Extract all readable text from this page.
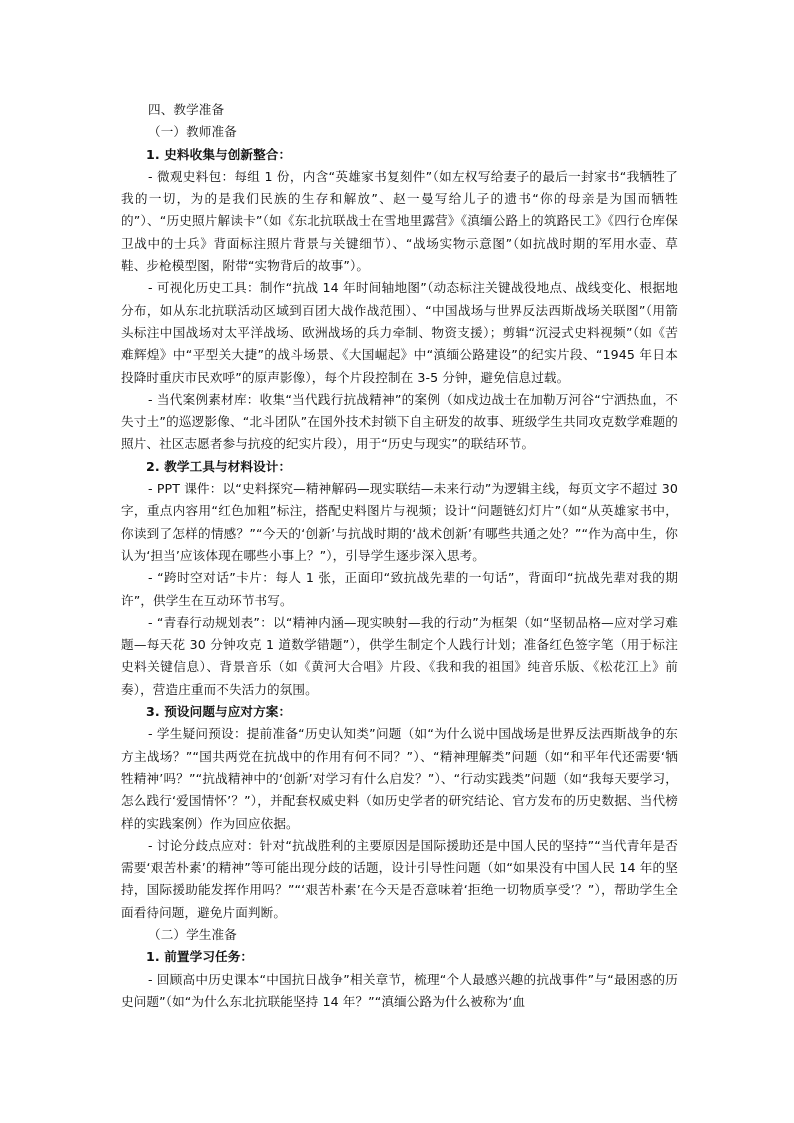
四、教学准备

（一）教师准备

1. 史料收集与创新整合：

- 微观史料包：每组 1 份，内含“英雄家书复刻件”（如左权写给妻子的最后一封家书“我牺牲了我的一切，为的是我们民族的生存和解放”、赵一曼写给儿子的遗书“你的母亲是为国而牺牲的”）、“历史照片解读卡”（如《东北抗联战士在雪地里露营》《滇缅公路上的筑路民工》《四行仓库保卫战中的士兵》背面标注照片背景与关键细节）、“战场实物示意图”（如抗战时期的军用水壶、草鞋、步枪模型图，附带“实物背后的故事”）。

- 可视化历史工具：制作“抗战 14 年时间轴地图”（动态标注关键战役地点、战线变化、根据地分布，如从东北抗联活动区域到百团大战作战范围）、“中国战场与世界反法西斯战场关联图”（用箭头标注中国战场对太平洋战场、欧洲战场的兵力牵制、物资支援）；剪辑“沉浸式史料视频”（如《苦难辉煌》中“平型关大捷”的战斗场景、《大国崛起》中“滇缅公路建设”的纪实片段、“1945 年日本投降时重庆市民欢呼”的原声影像），每个片段控制在 3-5 分钟，避免信息过载。

- 当代案例素材库：收集“当代践行抗战精神”的案例（如戍边战士在加勒万河谷“宁洒热血，不失寸土”的巡逻影像、“北斗团队”在国外技术封锁下自主研发的故事、班级学生共同攻克数学难题的照片、社区志愿者参与抗疫的纪实片段），用于“历史与现实”的联结环节。

2. 教学工具与材料设计：

- PPT 课件：以“史料探究—精神解码—现实联结—未来行动”为逻辑主线，每页文字不超过 30 字，重点内容用“红色加粗”标注，搭配史料图片与视频；设计“问题链幻灯片”（如“从英雄家书中，你读到了怎样的情感？”“今天的‘创新’与抗战时期的‘战术创新’有哪些共通之处？”“作为高中生，你认为‘担当’应该体现在哪些小事上？”），引导学生逐步深入思考。

- “跨时空对话”卡片：每人 1 张，正面印“致抗战先辈的一句话”，背面印“抗战先辈对我的期许”，供学生在互动环节书写。

- “青春行动规划表”：以“精神内涵—现实映射—我的行动”为框架（如“坚韧品格—应对学习难题—每天花 30 分钟攻克 1 道数学错题”），供学生制定个人践行计划；准备红色签字笔（用于标注史料关键信息）、背景音乐（如《黄河大合唱》片段、《我和我的祖国》纯音乐版、《松花江上》前奏），营造庄重而不失活力的氛围。

3. 预设问题与应对方案：

- 学生疑问预设：提前准备“历史认知类”问题（如“为什么说中国战场是世界反法西斯战争的东方主战场？”“国共两党在抗战中的作用有何不同？”）、“精神理解类”问题（如“和平年代还需要‘牺牲精神’吗？”“抗战精神中的‘创新’对学习有什么启发？”）、“行动实践类”问题（如“我每天要学习，怎么践行‘爱国情怀’？”），并配套权威史料（如历史学者的研究结论、官方发布的历史数据、当代榜样的实践案例）作为回应依据。

- 讨论分歧点应对：针对“抗战胜利的主要原因是国际援助还是中国人民的坚持”“当代青年是否需要‘艰苦朴素’的精神”等可能出现分歧的话题，设计引导性问题（如“如果没有中国人民 14 年的坚持，国际援助能发挥作用吗？”“‘艰苦朴素’在今天是否意味着‘拒绝一切物质享受’？”），帮助学生全面看待问题，避免片面判断。

（二）学生准备

1. 前置学习任务：

- 回顾高中历史课本“中国抗日战争”相关章节，梳理“个人最感兴趣的抗战事件”与“最困惑的历史问题”（如“为什么东北抗联能坚持 14 年？”“滇缅公路为什么被称为‘血
